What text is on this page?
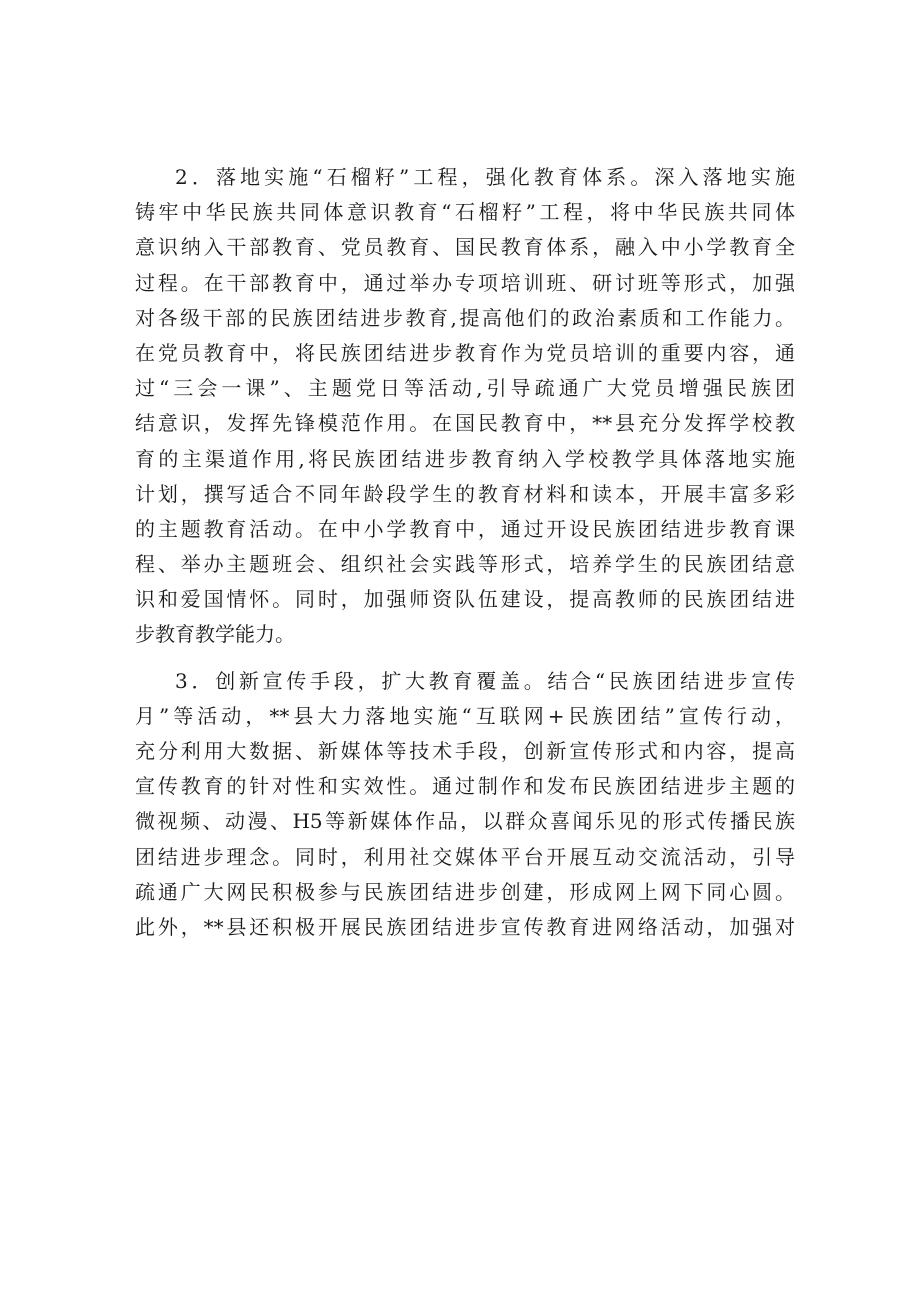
2．落地实施“石榴籽”工程，强化教育体系。深入落地实施
铸牢中华民族共同体意识教育“石榴籽”工程，将中华民族共同体
意识纳入干部教育、党员教育、国民教育体系，融入中小学教育全
过程。在干部教育中，通过举办专项培训班、研讨班等形式，加强
对各级干部的民族团结进步教育,提高他们的政治素质和工作能力。
在党员教育中，将民族团结进步教育作为党员培训的重要内容，通
过“三会一课”、主题党日等活动,引导疏通广大党员增强民族团
结意识，发挥先锋模范作用。在国民教育中，**县充分发挥学校教
育的主渠道作用,将民族团结进步教育纳入学校教学具体落地实施
计划，撰写适合不同年龄段学生的教育材料和读本，开展丰富多彩
的主题教育活动。在中小学教育中，通过开设民族团结进步教育课
程、举办主题班会、组织社会实践等形式，培养学生的民族团结意
识和爱国情怀。同时，加强师资队伍建设，提高教师的民族团结进
步教育教学能力。
3．创新宣传手段，扩大教育覆盖。结合“民族团结进步宣传
月”等活动，**县大力落地实施“互联网+民族团结”宣传行动，
充分利用大数据、新媒体等技术手段，创新宣传形式和内容，提高
宣传教育的针对性和实效性。通过制作和发布民族团结进步主题的
微视频、动漫、H5等新媒体作品，以群众喜闻乐见的形式传播民族
团结进步理念。同时，利用社交媒体平台开展互动交流活动，引导
疏通广大网民积极参与民族团结进步创建，形成网上网下同心圆。
此外，**县还积极开展民族团结进步宣传教育进网络活动，加强对
